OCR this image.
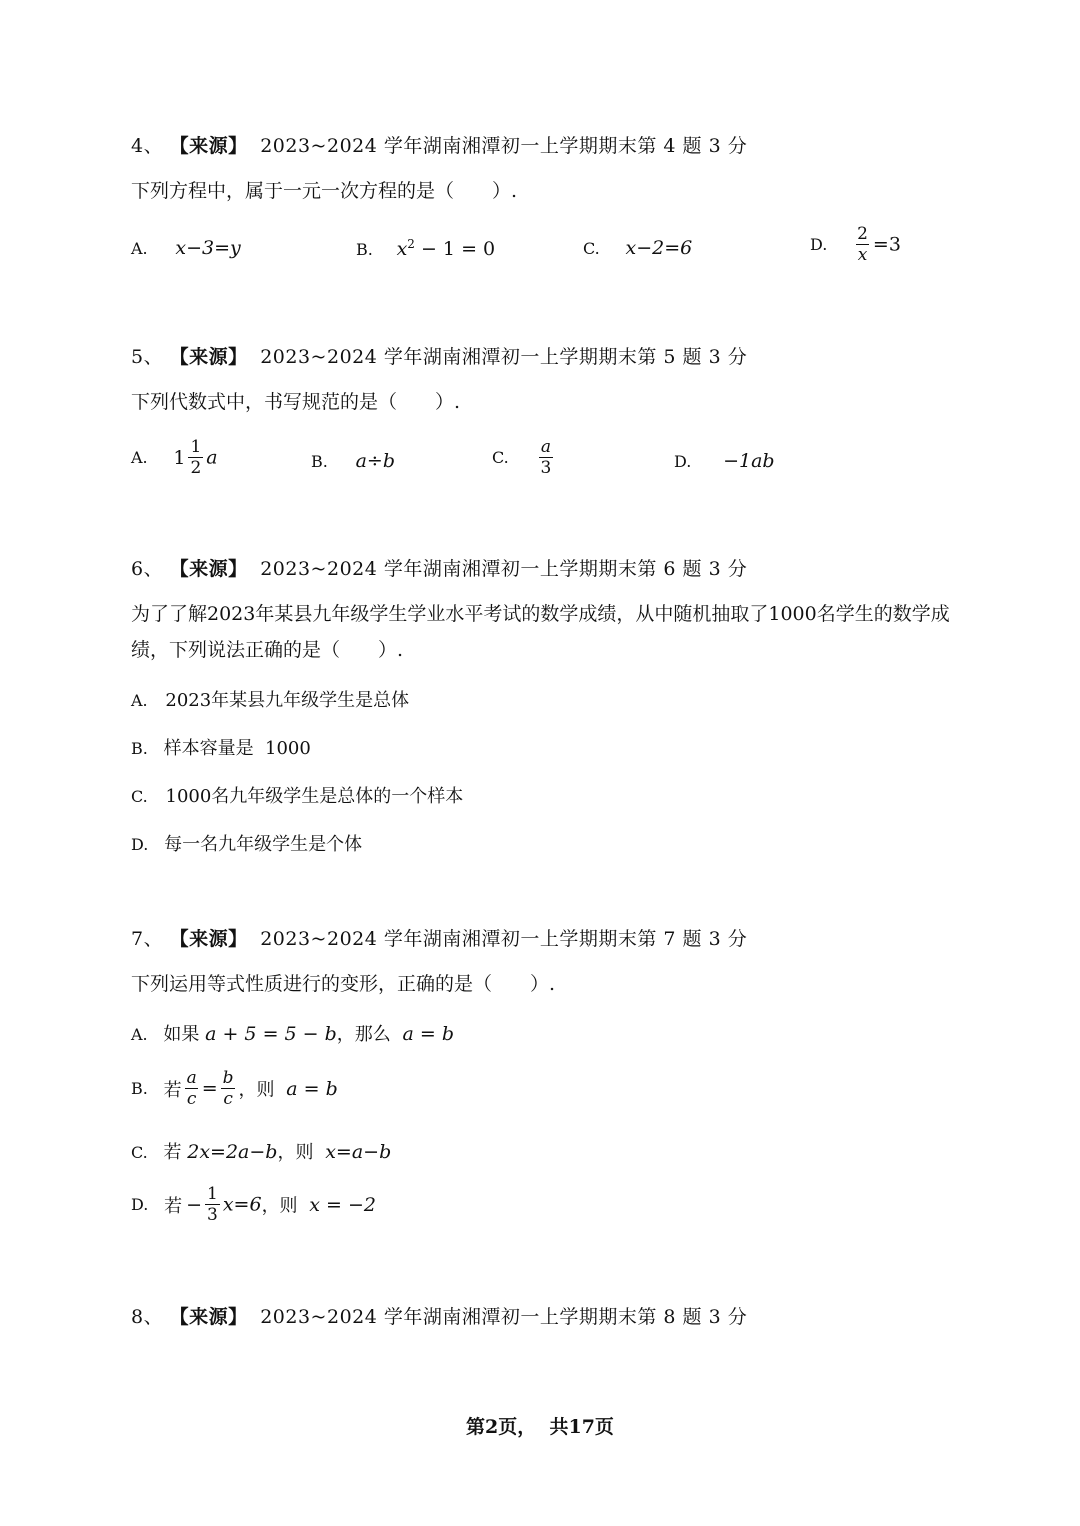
4、 【来源】 2023~2024 学年湖南湘潭初一上学期期末第 4 题 3 分
下列方程中，属于一元一次方程的是（　　）.
A. x−3=y	B. $x^2 - 1 = 0$	C. x−2=6	D. $\frac{2}{x} =3$
5、 【来源】 2023~2024 学年湖南湘潭初一上学期期末第 5 题 3 分
下列代数式中，书写规范的是（　　）.
A. $1 \frac{1}{2}$ a	B. a÷b	C. $\frac{a}{3}$	D. −1ab
6、 【来源】 2023~2024 学年湖南湘潭初一上学期期末第 6 题 3 分
为了了解2023年某县九年级学生学业水平考试的数学成绩，从中随机抽取了1000名学生的数学成
绩，下列说法正确的是（　　）.
A. 2023年某县九年级学生是总体
B. 样本容量是  1000
C. 1000名九年级学生是总体的一个样本
D. 每一名九年级学生是个体
7、 【来源】 2023~2024 学年湖南湘潭初一上学期期末第 7 题 3 分
下列运用等式性质进行的变形，正确的是（　　）.
A. 如果 a + 5 = 5 − b，那么 a = b
B. 若 $\frac{a}{c} = \frac{b}{c}$ ，则 a = b
C. 若 2x=2a−b，则 x=a−b
D. 若 − $\frac{1}{3} x=6$，则 x = −2
8、 【来源】 2023~2024 学年湖南湘潭初一上学期期末第 8 题 3 分
第2页，  共17页
